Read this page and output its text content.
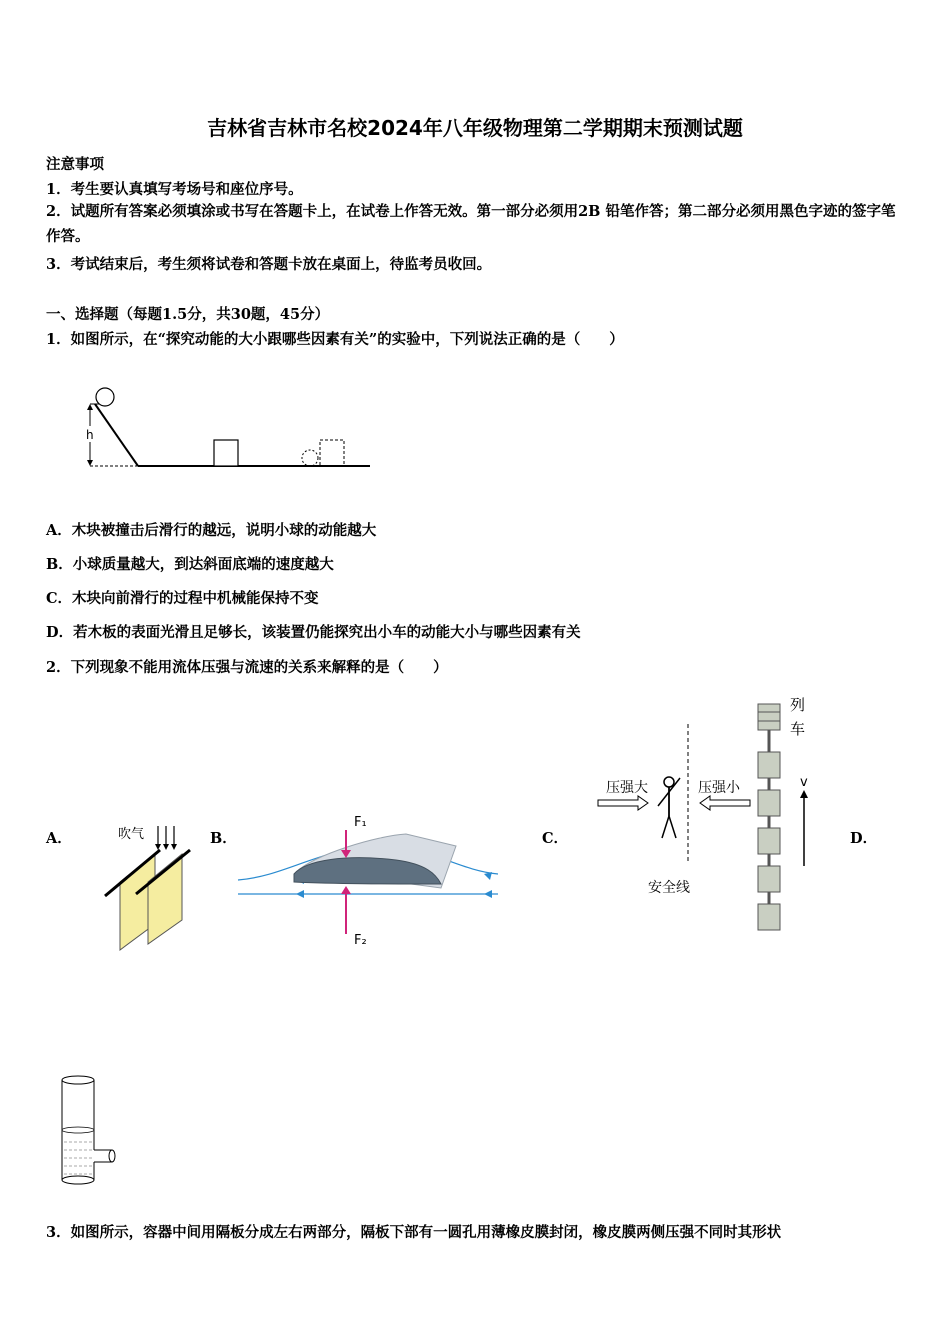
吉林省吉林市名校2024年八年级物理第二学期期末预测试题
注意事项
1．考生要认真填写考场号和座位序号。
2．试题所有答案必须填涂或书写在答题卡上，在试卷上作答无效。第一部分必须用2B 铅笔作答；第二部分必须用黑色字迹的签字笔作答。
3．考试结束后，考生须将试卷和答题卡放在桌面上，待监考员收回。
一、选择题（每题1.5分，共30题，45分）
1．如图所示，在“探究动能的大小跟哪些因素有关”的实验中，下列说法正确的是（　　）
h
A．木块被撞击后滑行的越远，说明小球的动能越大
B．小球质量越大，到达斜面底端的速度越大
C．木块向前滑行的过程中机械能保持不变
D．若木板的表面光滑且足够长，该装置仍能探究出小车的动能大小与哪些因素有关
2．下列现象不能用流体压强与流速的关系来解释的是（　　）
A．	B．	C．	D．
吹气
F₁
F₂
压强大	压强小
安全线
列
车
v
3．如图所示，容器中间用隔板分成左右两部分，隔板下部有一圆孔用薄橡皮膜封闭，橡皮膜两侧压强不同时其形状
